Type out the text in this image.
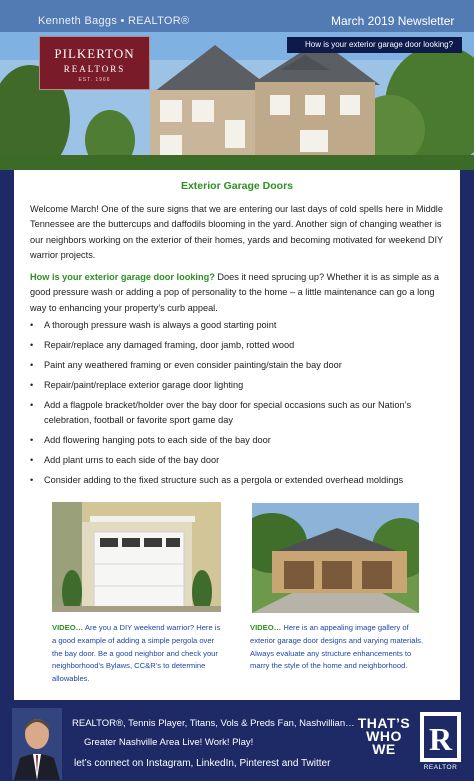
Kenneth Baggs • REALTOR®	March 2019 Newsletter
How is your exterior garage door looking?
PILKERTON
REALTORS
EST. 1966
Exterior Garage Doors
Welcome March! One of the sure signs that we are entering our last days of cold spells here in Middle Tennessee are the buttercups and daffodils blooming in the yard. Another sign of changing weather is our neighbors working on the exterior of their homes, yards and becoming motivated for weekend DIY warrior projects.
How is your exterior garage door looking? Does it need sprucing up? Whether it is as simple as a good pressure wash or adding a pop of personality to the home – a little maintenance can go a long way to enhancing your property’s curb appeal.
• A thorough pressure wash is always a good starting point
• Repair/replace any damaged framing, door jamb, rotted wood
• Paint any weathered framing or even consider painting/stain the bay door
• Repair/paint/replace exterior garage door lighting
• Add a flagpole bracket/holder over the bay door for special occasions such as our Nation’s celebration, football or favorite sport game day
• Add flowering hanging pots to each side of the bay door
• Add plant urns to each side of the bay door
• Consider adding to the fixed structure such as a pergola or extended overhead moldings
VIDEO… Are you a DIY weekend warrior? Here is a good example of adding a simple pergola over the bay door. Be a good neighbor and check your neighborhood’s Bylaws, CC&R’s to determine allowables.
VIDEO… Here is an appealing image gallery of exterior garage door designs and varying materials. Always evaluate any structure enhancements to marry the style of the home and neighborhood.
REALTOR®, Tennis Player, Titans, Vols & Preds Fan, Nashvillian…
Greater Nashville Area Live! Work! Play!
let’s connect on Instagram, LinkedIn, Pinterest and Twitter
THAT’S WHO WE	R
REALTOR
